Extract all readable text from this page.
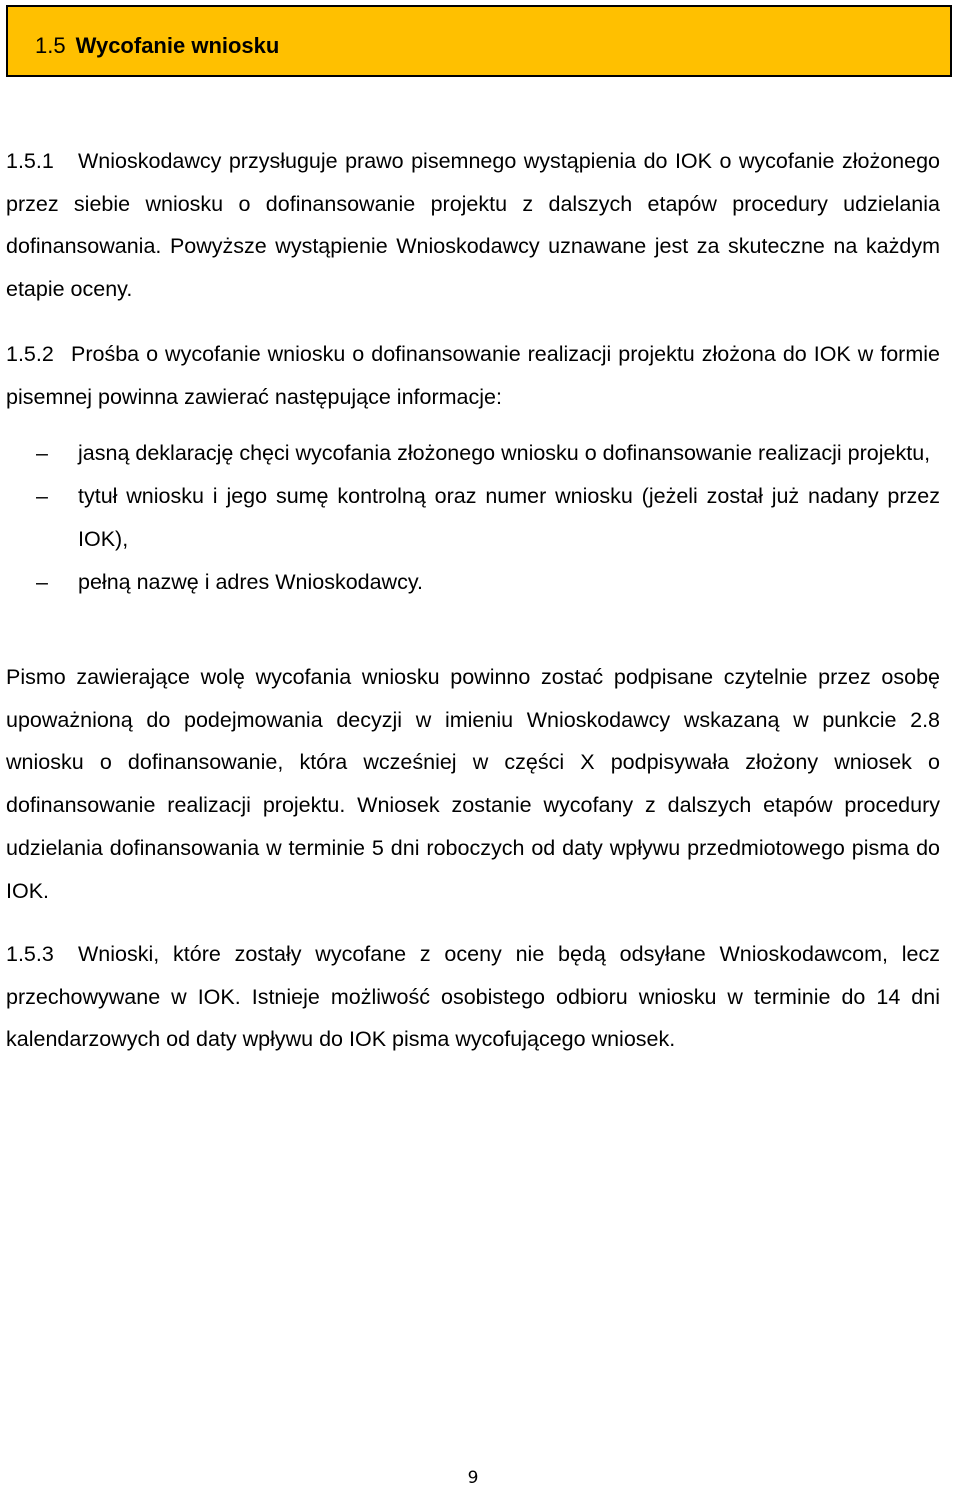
1.5 Wycofanie wniosku

1.5.1 Wnioskodawcy przysługuje prawo pisemnego wystąpienia do IOK o wycofanie złożonego przez siebie wniosku o dofinansowanie projektu z dalszych etapów procedury udzielania dofinansowania. Powyższe wystąpienie Wnioskodawcy uznawane jest za skuteczne na każdym etapie oceny.

1.5.2 Prośba o wycofanie wniosku o dofinansowanie realizacji projektu złożona do IOK w formie pisemnej powinna zawierać następujące informacje:

–	jasną deklarację chęci wycofania złożonego wniosku o dofinansowanie realizacji projektu,
–	tytuł wniosku i jego sumę kontrolną oraz numer wniosku (jeżeli został już nadany przez IOK),
–	pełną nazwę i adres Wnioskodawcy.

Pismo zawierające wolę wycofania wniosku powinno zostać podpisane czytelnie przez osobę upoważnioną do podejmowania decyzji w imieniu Wnioskodawcy wskazaną w punkcie 2.8 wniosku o dofinansowanie, która wcześniej w części X podpisywała złożony wniosek o dofinansowanie realizacji projektu. Wniosek zostanie wycofany z dalszych etapów procedury udzielania dofinansowania w terminie 5 dni roboczych od daty wpływu przedmiotowego pisma do IOK.

1.5.3 Wnioski, które zostały wycofane z oceny nie będą odsyłane Wnioskodawcom, lecz przechowywane w IOK. Istnieje możliwość osobistego odbioru wniosku w terminie do 14 dni kalendarzowych od daty wpływu do IOK pisma wycofującego wniosek.

9
